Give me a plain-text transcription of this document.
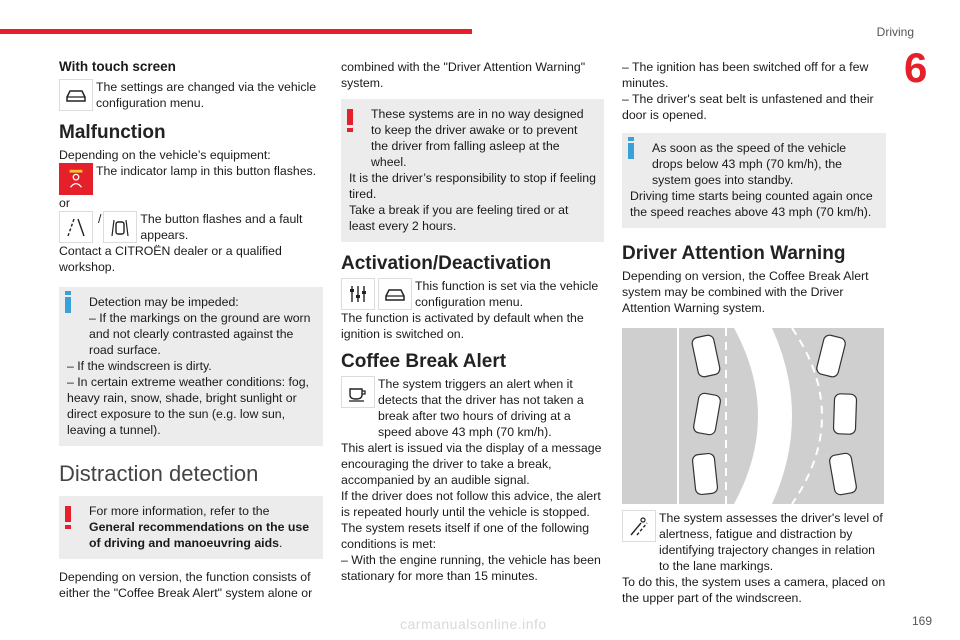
Driving
6
With touch screen

The settings are changed via the vehicle configuration menu.

Malfunction

Depending on the vehicle’s equipment:

The indicator lamp in this button flashes.

or

/	The button flashes and a fault appears.

Contact a CITROËN dealer or a qualified workshop.

Detection may be impeded:

– If the markings on the ground are worn and not clearly contrasted against the road surface.

– If the windscreen is dirty.

– In certain extreme weather conditions: fog, heavy rain, snow, shade, bright sunlight or direct exposure to the sun (e.g. low sun, leaving a tunnel).

Distraction detection

For more information, refer to the General recommendations on the use of driving and manoeuvring aids.

Depending on version, the function consists of either the "Coffee Break Alert" system alone or

combined with the "Driver Attention Warning" system.

These systems are in no way designed to keep the driver awake or to prevent the driver from falling asleep at the wheel.

It is the driver’s responsibility to stop if feeling tired.

Take a break if you are feeling tired or at least every 2 hours.

Activation/Deactivation

This function is set via the vehicle configuration menu.

The function is activated by default when the ignition is switched on.

Coffee Break Alert

The system triggers an alert when it detects that the driver has not taken a break after two hours of driving at a speed above 43 mph (70 km/h).

This alert is issued via the display of a message encouraging the driver to take a break, accompanied by an audible signal.

If the driver does not follow this advice, the alert is repeated hourly until the vehicle is stopped.

The system resets itself if one of the following conditions is met:

– With the engine running, the vehicle has been stationary for more than 15 minutes.

– The ignition has been switched off for a few minutes.

– The driver's seat belt is unfastened and their door is opened.

As soon as the speed of the vehicle drops below 43 mph (70 km/h), the system goes into standby.

Driving time starts being counted again once the speed reaches above 43 mph (70 km/h).

Driver Attention Warning

Depending on version, the Coffee Break Alert system may be combined with the Driver Attention Warning system.

The system assesses the driver's level of alertness, fatigue and distraction by identifying trajectory changes in relation to the lane markings.

To do this, the system uses a camera, placed on the upper part of the windscreen.

169
carmanualsonline.info
